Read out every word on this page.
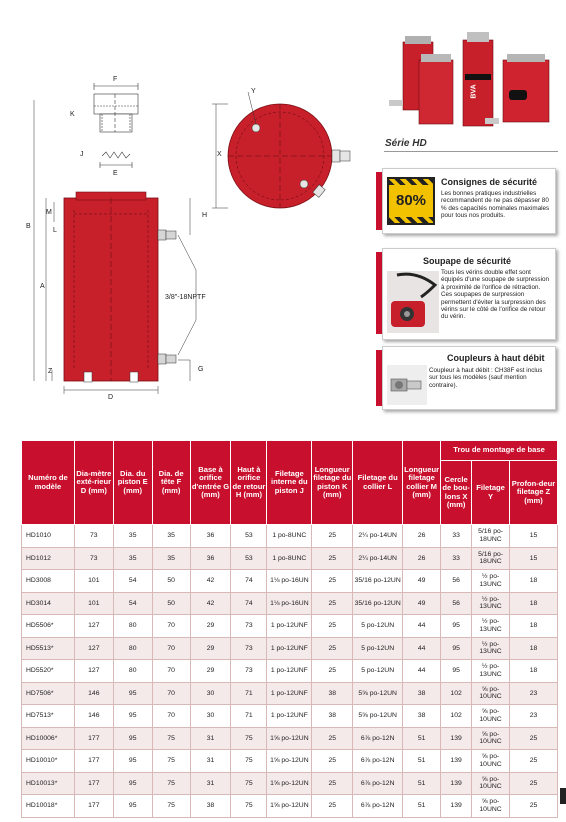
F
K
J
E
M
L
B
A
H
3/8"-18NPTF
Z	G
D
Y
X
BVA
Série HD
80%
Consignes de sécurité
Les bonnes pratiques industrielles recommandent de ne pas dépasser 80 % des capacités nominales maximales pour tous nos produits.
Soupape de sécurité
Tous les vérins double effet sont équipés d'une soupape de surpression à proximité de l'orifice de rétraction. Ces soupapes de surpression permettent d'éviter la surpression des vérins sur le côté de l'orifice de retour du vérin.
Coupleurs à haut débit
Coupleur à haut débit : CH38F est inclus sur tous les modèles (sauf mention contraire).
Numéro de modèle	Dia-mètre exté-rieur D (mm)	Dia. du piston E (mm)	Dia. de tête F (mm)	Base à orifice d'entrée G (mm)	Haut à orifice de retour H (mm)	Filetage interne du piston J	Longueur filetage du piston K (mm)	Filetage du collier L	Longueur filetage collier M (mm)	Trou de montage de base		
										Cercle de bou-lons X (mm)	Filetage Y	Profon-deur filetage Z (mm)
HD1010	73	35	35	36	53	1 po-8UNC	25	2¼ po-14UN	26	33	5/16 po-18UNC	15
HD1012	73	35	35	36	53	1 po-8UNC	25	2¼ po-14UN	26	33	5/16 po-18UNC	15
HD3008	101	54	50	42	74	1⅛ po-16UN	25	35/16 po-12UN	49	56	½ po-13UNC	18
HD3014	101	54	50	42	74	1⅛ po-16UN	25	35/16 po-12UN	49	56	½ po-13UNC	18
HD5506*	127	80	70	29	73	1 po-12UNF	25	5 po-12UN	44	95	½ po-13UNC	18
HD5513*	127	80	70	29	73	1 po-12UNF	25	5 po-12UN	44	95	½ po-13UNC	18
HD5520*	127	80	70	29	73	1 po-12UNF	25	5 po-12UN	44	95	½ po-13UNC	18
HD7506*	146	95	70	30	71	1 po-12UNF	38	5⅝ po-12UN	38	102	⅝ po-10UNC	23
HD7513*	146	95	70	30	71	1 po-12UNF	38	5⅝ po-12UN	38	102	⅝ po-10UNC	23
HD10006*	177	95	75	31	75	1⅝ po-12UN	25	6⅞ po-12N	51	139	⅝ po-10UNC	25
HD10010*	177	95	75	31	75	1⅝ po-12UN	25	6⅞ po-12N	51	139	⅝ po-10UNC	25
HD10013*	177	95	75	31	75	1⅝ po-12UN	25	6⅞ po-12N	51	139	⅝ po-10UNC	25
HD10018*	177	95	75	38	75	1⅝ po-12UN	25	6⅞ po-12N	51	139	⅝ po-10UNC	25
